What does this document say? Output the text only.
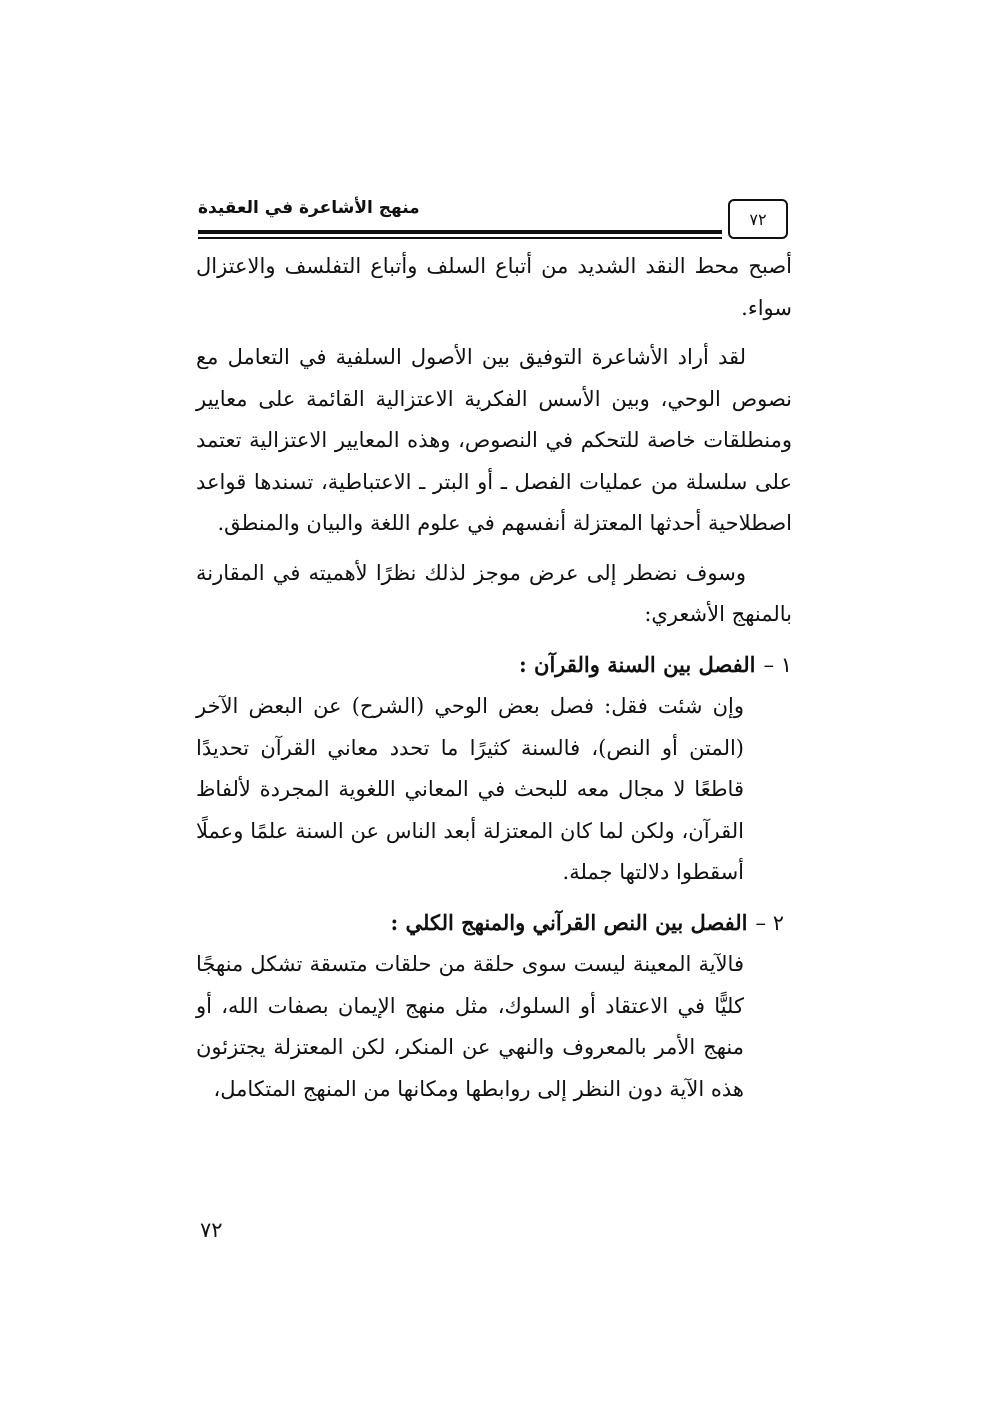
منهج الأشاعرة في العقيدة
٧٢

أصبح محط النقد الشديد من أتباع السلف وأتباع التفلسف والاعتزال سواء.

لقد أراد الأشاعرة التوفيق بين الأصول السلفية في التعامل مع نصوص الوحي، وبين الأسس الفكرية الاعتزالية القائمة على معايير ومنطلقات خاصة للتحكم في النصوص، وهذه المعايير الاعتزالية تعتمد على سلسلة من عمليات الفصل ـ أو البتر ـ الاعتباطية، تسندها قواعد اصطلاحية أحدثها المعتزلة أنفسهم في علوم اللغة والبيان والمنطق.

وسوف نضطر إلى عرض موجز لذلك نظرًا لأهميته في المقارنة بالمنهج الأشعري:

١ –الفصل بين السنة والقرآن :

وإن شئت فقل: فصل بعض الوحي (الشرح) عن البعض الآخر (المتن أو النص)، فالسنة كثيرًا ما تحدد معاني القرآن تحديدًا قاطعًا لا مجال معه للبحث في المعاني اللغوية المجردة لألفاظ القرآن، ولكن لما كان المعتزلة أبعد الناس عن السنة علمًا وعملًا أسقطوا دلالتها جملة.

٢ –الفصل بين النص القرآني والمنهج الكلي :

فالآية المعينة ليست سوى حلقة من حلقات متسقة تشكل منهجًا كليًّا في الاعتقاد أو السلوك، مثل منهج الإيمان بصفات الله، أو منهج الأمر بالمعروف والنهي عن المنكر، لكن المعتزلة يجتزئون هذه الآية دون النظر إلى روابطها ومكانها من المنهج المتكامل،

٧٢
